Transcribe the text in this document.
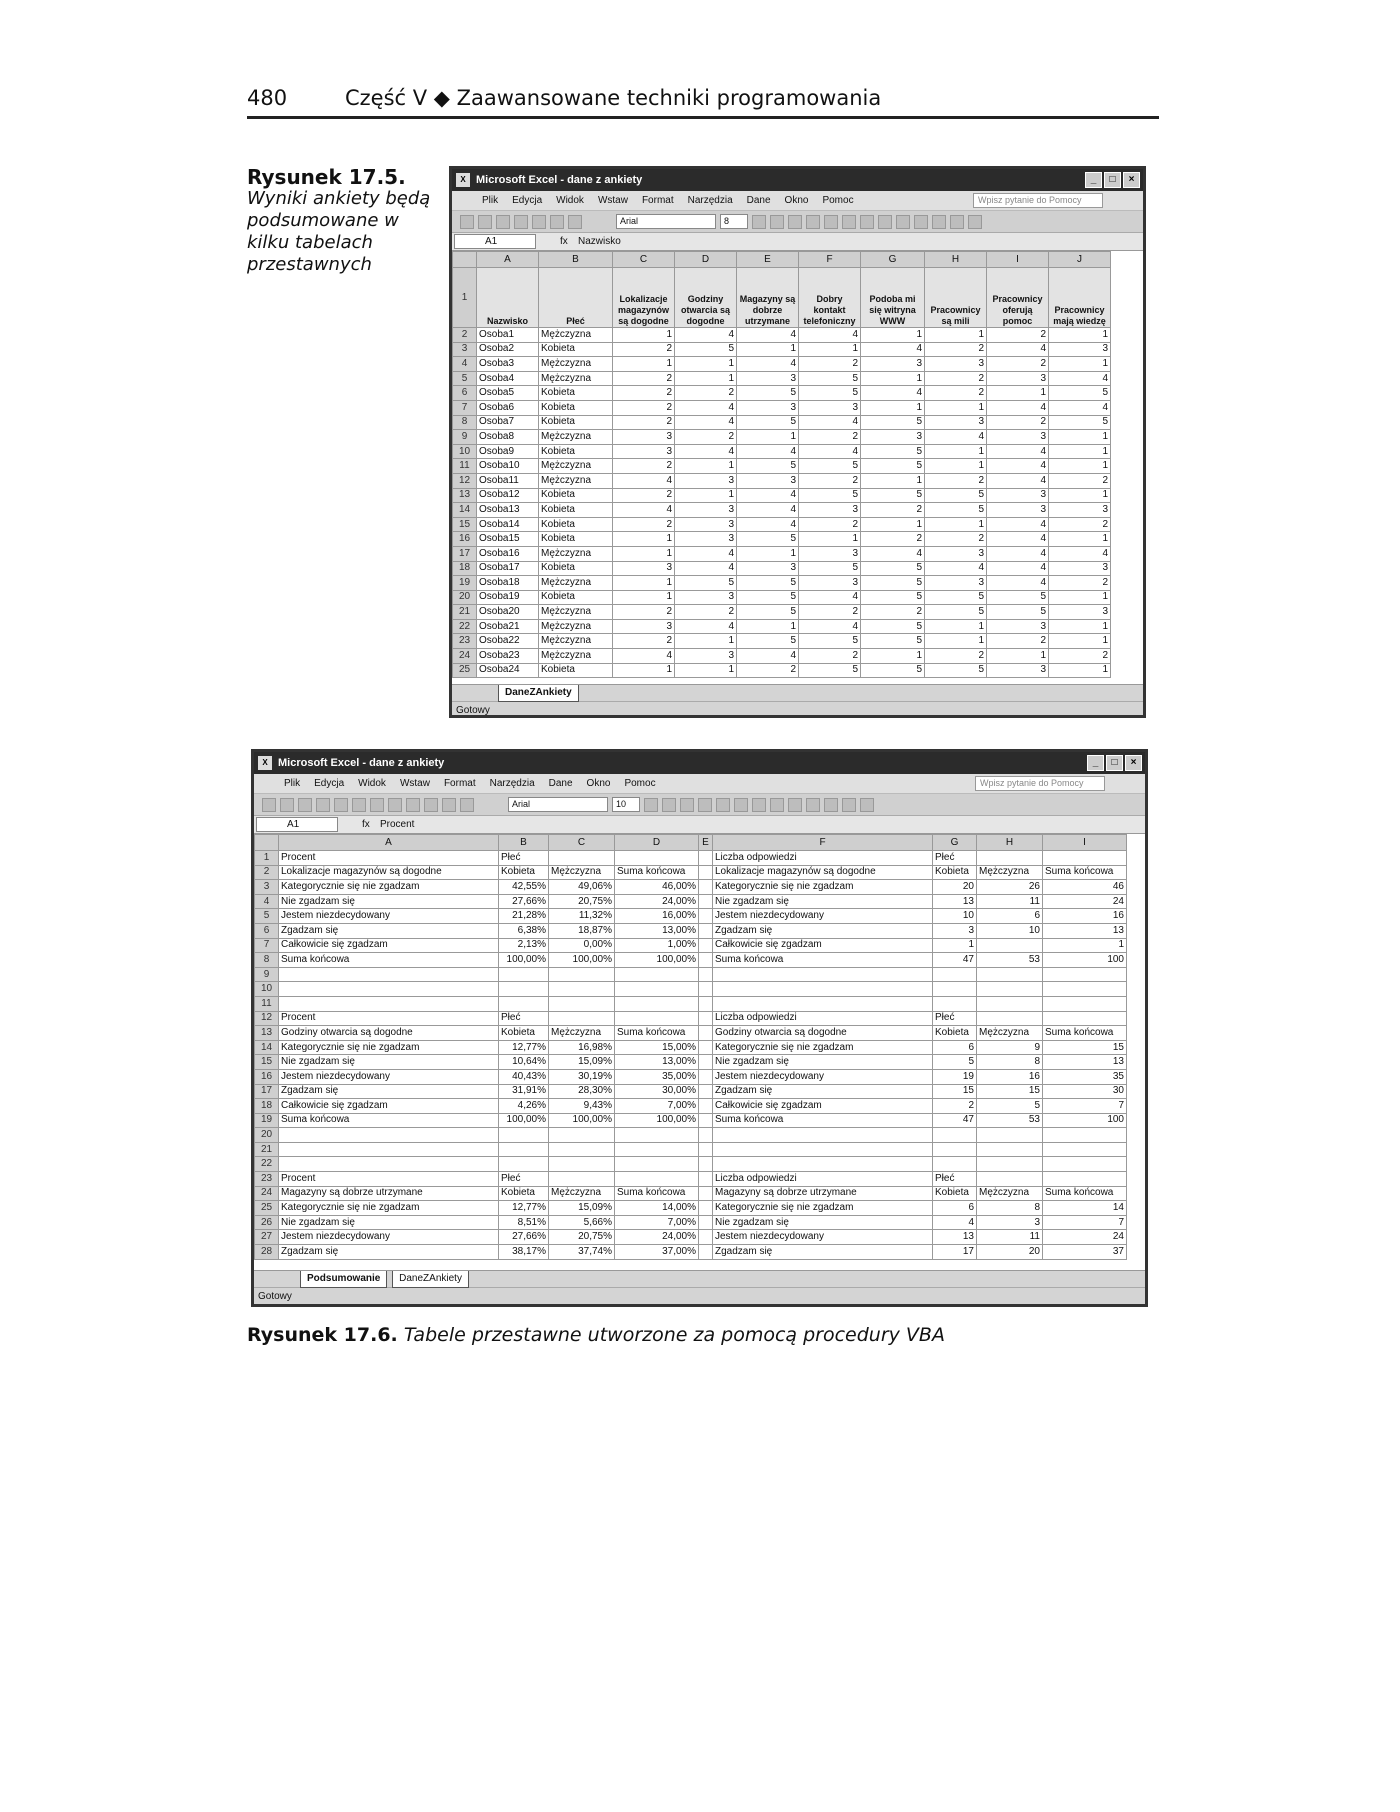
480	Część V ◆ Zaawansowane techniki programowania
Rysunek 17.5.
Wyniki ankiety będą podsumowane w kilku tabelach przestawnych
X Microsoft Excel - dane z ankiety	_	□	×
Plik Edycja Widok Wstaw Format Narzędzia Dane Okno Pomoc	Wpisz pytanie do Pomocy
Arial	8
A1	fx Nazwisko
	A	B	C	D	E	F	G	H	I	J
1	Nazwisko	Płeć	Lokalizacje magazynów są dogodne	Godziny otwarcia są dogodne	Magazyny są dobrze utrzymane	Dobry kontakt telefoniczny	Podoba mi się witryna WWW	Pracownicy są mili	Pracownicy oferują pomoc	Pracownicy mają wiedzę
2	Osoba1	Mężczyzna	1	4	4	4	1	1	2	1
3	Osoba2	Kobieta	2	5	1	1	4	2	4	3
4	Osoba3	Mężczyzna	1	1	4	2	3	3	2	1
5	Osoba4	Mężczyzna	2	1	3	5	1	2	3	4
6	Osoba5	Kobieta	2	2	5	5	4	2	1	5
7	Osoba6	Kobieta	2	4	3	3	1	1	4	4
8	Osoba7	Kobieta	2	4	5	4	5	3	2	5
9	Osoba8	Mężczyzna	3	2	1	2	3	4	3	1
10	Osoba9	Kobieta	3	4	4	4	5	1	4	1
11	Osoba10	Mężczyzna	2	1	5	5	5	1	4	1
12	Osoba11	Mężczyzna	4	3	3	2	1	2	4	2
13	Osoba12	Kobieta	2	1	4	5	5	5	3	1
14	Osoba13	Kobieta	4	3	4	3	2	5	3	3
15	Osoba14	Kobieta	2	3	4	2	1	1	4	2
16	Osoba15	Kobieta	1	3	5	1	2	2	4	1
17	Osoba16	Mężczyzna	1	4	1	3	4	3	4	4
18	Osoba17	Kobieta	3	4	3	5	5	4	4	3
19	Osoba18	Mężczyzna	1	5	5	3	5	3	4	2
20	Osoba19	Kobieta	1	3	5	4	5	5	5	1
21	Osoba20	Mężczyzna	2	2	5	2	2	5	5	3
22	Osoba21	Mężczyzna	3	4	1	4	5	1	3	1
23	Osoba22	Mężczyzna	2	1	5	5	5	1	2	1
24	Osoba23	Mężczyzna	4	3	4	2	1	2	1	2
25	Osoba24	Kobieta	1	1	2	5	5	5	3	1
DaneZAnkiety
Gotowy
X Microsoft Excel - dane z ankiety	_	□	×
Plik Edycja Widok Wstaw Format Narzędzia Dane Okno Pomoc	Wpisz pytanie do Pomocy
Arial	10
A1	fx Procent
	A	B	C	D	E	F	G	H	I
1	Procent	Płeć				Liczba odpowiedzi	Płeć		
2	Lokalizacje magazynów są dogodne	Kobieta	Mężczyzna	Suma końcowa		Lokalizacje magazynów są dogodne	Kobieta	Mężczyzna	Suma końcowa
3	Kategorycznie się nie zgadzam	42,55%	49,06%	46,00%		Kategorycznie się nie zgadzam	20	26	46
4	Nie zgadzam się	27,66%	20,75%	24,00%		Nie zgadzam się	13	11	24
5	Jestem niezdecydowany	21,28%	11,32%	16,00%		Jestem niezdecydowany	10	6	16
6	Zgadzam się	6,38%	18,87%	13,00%		Zgadzam się	3	10	13
7	Całkowicie się zgadzam	2,13%	0,00%	1,00%		Całkowicie się zgadzam	1		1
8	Suma końcowa	100,00%	100,00%	100,00%		Suma końcowa	47	53	100
9									
10									
11									
12	Procent	Płeć				Liczba odpowiedzi	Płeć		
13	Godziny otwarcia są dogodne	Kobieta	Mężczyzna	Suma końcowa		Godziny otwarcia są dogodne	Kobieta	Mężczyzna	Suma końcowa
14	Kategorycznie się nie zgadzam	12,77%	16,98%	15,00%		Kategorycznie się nie zgadzam	6	9	15
15	Nie zgadzam się	10,64%	15,09%	13,00%		Nie zgadzam się	5	8	13
16	Jestem niezdecydowany	40,43%	30,19%	35,00%		Jestem niezdecydowany	19	16	35
17	Zgadzam się	31,91%	28,30%	30,00%		Zgadzam się	15	15	30
18	Całkowicie się zgadzam	4,26%	9,43%	7,00%		Całkowicie się zgadzam	2	5	7
19	Suma końcowa	100,00%	100,00%	100,00%		Suma końcowa	47	53	100
20									
21									
22									
23	Procent	Płeć				Liczba odpowiedzi	Płeć		
24	Magazyny są dobrze utrzymane	Kobieta	Mężczyzna	Suma końcowa		Magazyny są dobrze utrzymane	Kobieta	Mężczyzna	Suma końcowa
25	Kategorycznie się nie zgadzam	12,77%	15,09%	14,00%		Kategorycznie się nie zgadzam	6	8	14
26	Nie zgadzam się	8,51%	5,66%	7,00%		Nie zgadzam się	4	3	7
27	Jestem niezdecydowany	27,66%	20,75%	24,00%		Jestem niezdecydowany	13	11	24
28	Zgadzam się	38,17%	37,74%	37,00%		Zgadzam się	17	20	37
Podsumowanie DaneZAnkiety
Gotowy
Rysunek 17.6. Tabele przestawne utworzone za pomocą procedury VBA
